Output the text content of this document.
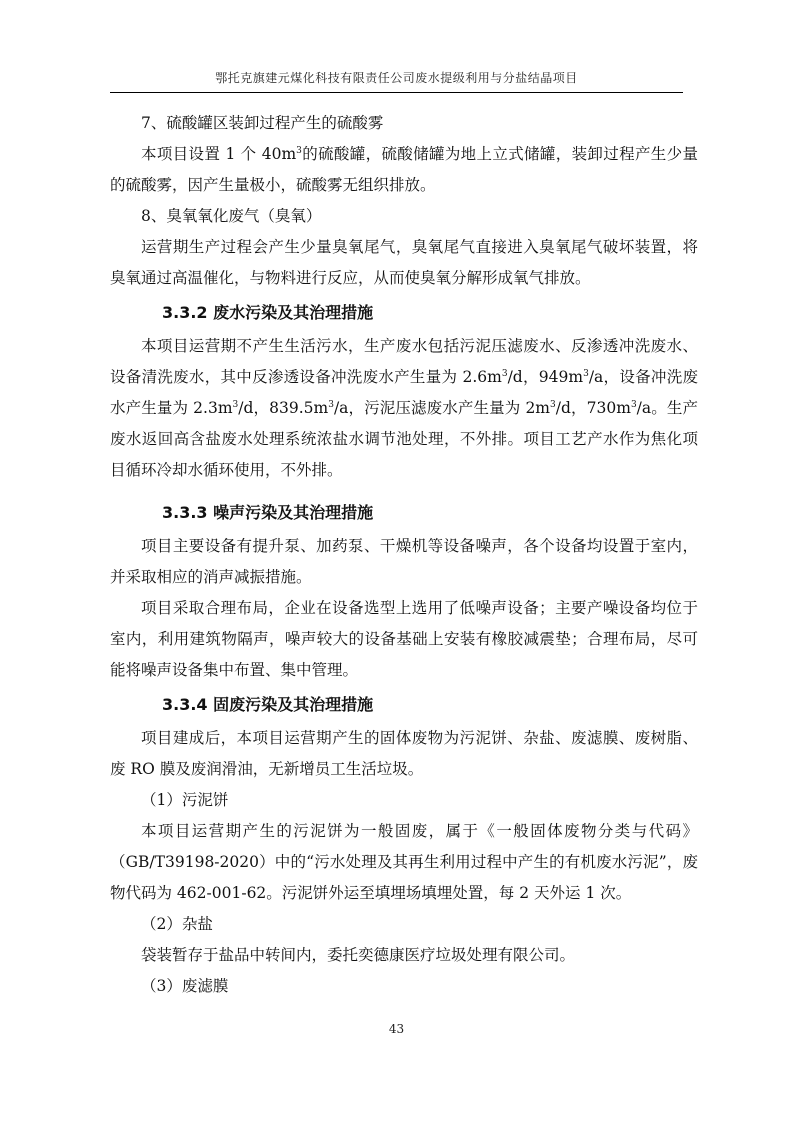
鄂托克旗建元煤化科技有限责任公司废水提级利用与分盐结晶项目

7、硫酸罐区装卸过程产生的硫酸雾

本项目设置 1 个 $40m^3$的硫酸罐，硫酸储罐为地上立式储罐，装卸过程产生少量的硫酸雾，因产生量极小，硫酸雾无组织排放。

8、臭氧氧化废气（臭氧）

运营期生产过程会产生少量臭氧尾气，臭氧尾气直接进入臭氧尾气破坏装置，将臭氧通过高温催化，与物料进行反应，从而使臭氧分解形成氧气排放。

3.3.2 废水污染及其治理措施

本项目运营期不产生生活污水，生产废水包括污泥压滤废水、反渗透冲洗废水、设备清洗废水，其中反渗透设备冲洗废水产生量为 $2.6m^3/d$，$949m^3/a$，设备冲洗废水产生量为 $2.3m^3/d$，$839.5m^3/a$，污泥压滤废水产生量为 $2m^3/d$，$730m^3/a$。生产废水返回高含盐废水处理系统浓盐水调节池处理，不外排。项目工艺产水作为焦化项目循环冷却水循环使用，不外排。

3.3.3 噪声污染及其治理措施

项目主要设备有提升泵、加药泵、干燥机等设备噪声，各个设备均设置于室内，并采取相应的消声减振措施。

项目采取合理布局，企业在设备选型上选用了低噪声设备；主要产噪设备均位于室内，利用建筑物隔声，噪声较大的设备基础上安装有橡胶减震垫；合理布局，尽可能将噪声设备集中布置、集中管理。

3.3.4 固废污染及其治理措施

项目建成后，本项目运营期产生的固体废物为污泥饼、杂盐、废滤膜、废树脂、废 RO 膜及废润滑油，无新增员工生活垃圾。

（1）污泥饼

本项目运营期产生的污泥饼为一般固废，属于《一般固体废物分类与代码》（GB/T39198-2020）中的“污水处理及其再生利用过程中产生的有机废水污泥”，废物代码为 462-001-62。污泥饼外运至填埋场填埋处置，每 2 天外运 1 次。

（2）杂盐

袋装暂存于盐品中转间内，委托奕德康医疗垃圾处理有限公司。

（3）废滤膜

43
